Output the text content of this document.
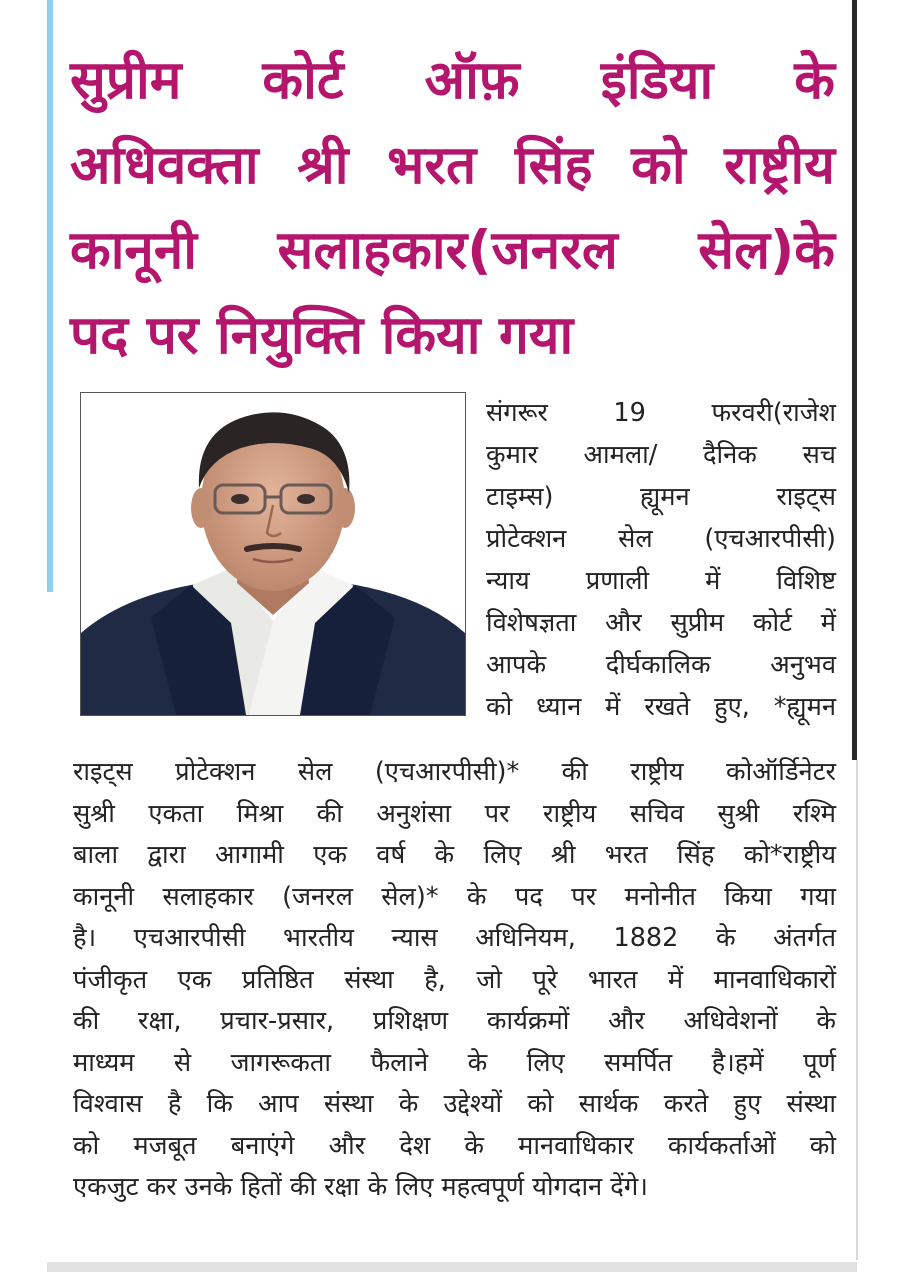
सुप्रीम कोर्ट ऑफ़ इंडिया के
अधिवक्ता श्री भरत सिंह को राष्ट्रीय
कानूनी सलाहकार(जनरल सेल)के
पद पर नियुक्ति किया गया
संगरूर 19 फरवरी(राजेश
कुमार आमला/ दैनिक सच
टाइम्स) ह्यूमन राइट्स
प्रोटेक्शन सेल (एचआरपीसी)
न्याय प्रणाली में विशिष्ट
विशेषज्ञता और सुप्रीम कोर्ट में
आपके दीर्घकालिक अनुभव
को ध्यान में रखते हुए, *ह्यूमन
राइट्स प्रोटेक्शन सेल (एचआरपीसी)* की राष्ट्रीय कोऑर्डिनेटर
सुश्री एकता मिश्रा की अनुशंसा पर राष्ट्रीय सचिव सुश्री रश्मि
बाला द्वारा आगामी एक वर्ष के लिए श्री भरत सिंह को*राष्ट्रीय
कानूनी सलाहकार (जनरल सेल)* के पद पर मनोनीत किया गया
है। एचआरपीसी भारतीय न्यास अधिनियम, 1882 के अंतर्गत
पंजीकृत एक प्रतिष्ठित संस्था है, जो पूरे भारत में मानवाधिकारों
की रक्षा, प्रचार-प्रसार, प्रशिक्षण कार्यक्रमों और अधिवेशनों के
माध्यम से जागरूकता फैलाने के लिए समर्पित है।हमें पूर्ण
विश्वास है कि आप संस्था के उद्देश्यों को सार्थक करते हुए संस्था
को मजबूत बनाएंगे और देश के मानवाधिकार कार्यकर्ताओं को
एकजुट कर उनके हितों की रक्षा के लिए महत्वपूर्ण योगदान देंगे।
